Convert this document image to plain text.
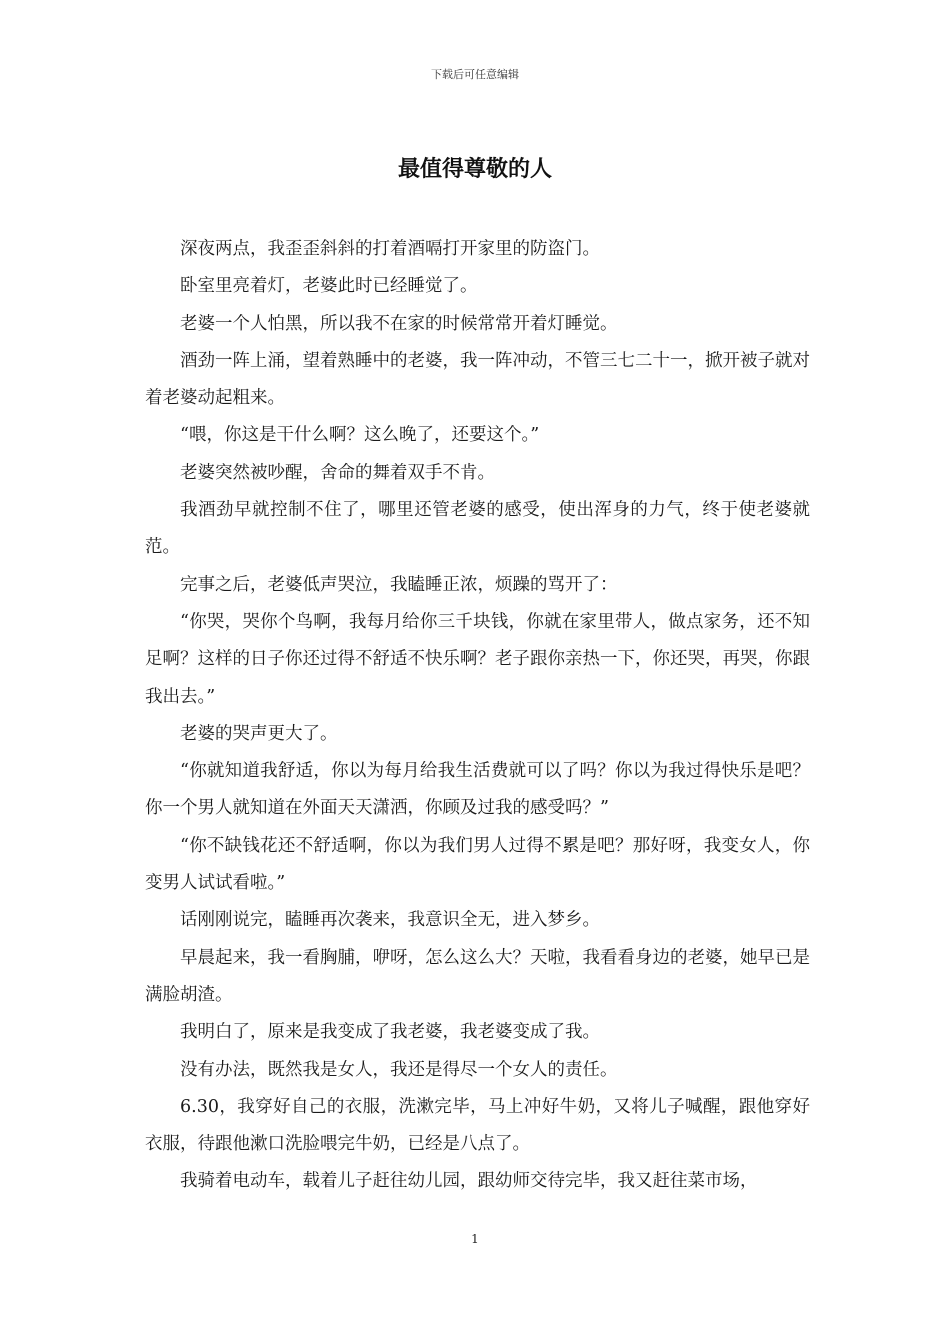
下载后可任意编辑
最值得尊敬的人

深夜两点，我歪歪斜斜的打着酒嗝打开家里的防盗门。

卧室里亮着灯，老婆此时已经睡觉了。

老婆一个人怕黑，所以我不在家的时候常常开着灯睡觉。

酒劲一阵上涌，望着熟睡中的老婆，我一阵冲动，不管三七二十一，掀开被子就对着老婆动起粗来。

“喂，你这是干什么啊？这么晚了，还要这个。”

老婆突然被吵醒，舍命的舞着双手不肯。

我酒劲早就控制不住了，哪里还管老婆的感受，使出浑身的力气，终于使老婆就范。

完事之后，老婆低声哭泣，我瞌睡正浓，烦躁的骂开了：

“你哭，哭你个鸟啊，我每月给你三千块钱，你就在家里带人，做点家务，还不知足啊？这样的日子你还过得不舒适不快乐啊？老子跟你亲热一下，你还哭，再哭，你跟我出去。”

老婆的哭声更大了。

“你就知道我舒适，你以为每月给我生活费就可以了吗？你以为我过得快乐是吧？你一个男人就知道在外面天天潇洒，你顾及过我的感受吗？”

“你不缺钱花还不舒适啊，你以为我们男人过得不累是吧？那好呀，我变女人，你变男人试试看啦。”

话刚刚说完，瞌睡再次袭来，我意识全无，进入梦乡。

早晨起来，我一看胸脯，咿呀，怎么这么大？天啦，我看看身边的老婆，她早已是满脸胡渣。

我明白了，原来是我变成了我老婆，我老婆变成了我。

没有办法，既然我是女人，我还是得尽一个女人的责任。

6.30，我穿好自己的衣服，洗漱完毕，马上冲好牛奶，又将儿子喊醒，跟他穿好衣服，待跟他漱口洗脸喂完牛奶，已经是八点了。

我骑着电动车，载着儿子赶往幼儿园，跟幼师交待完毕，我又赶往菜市场，

1
